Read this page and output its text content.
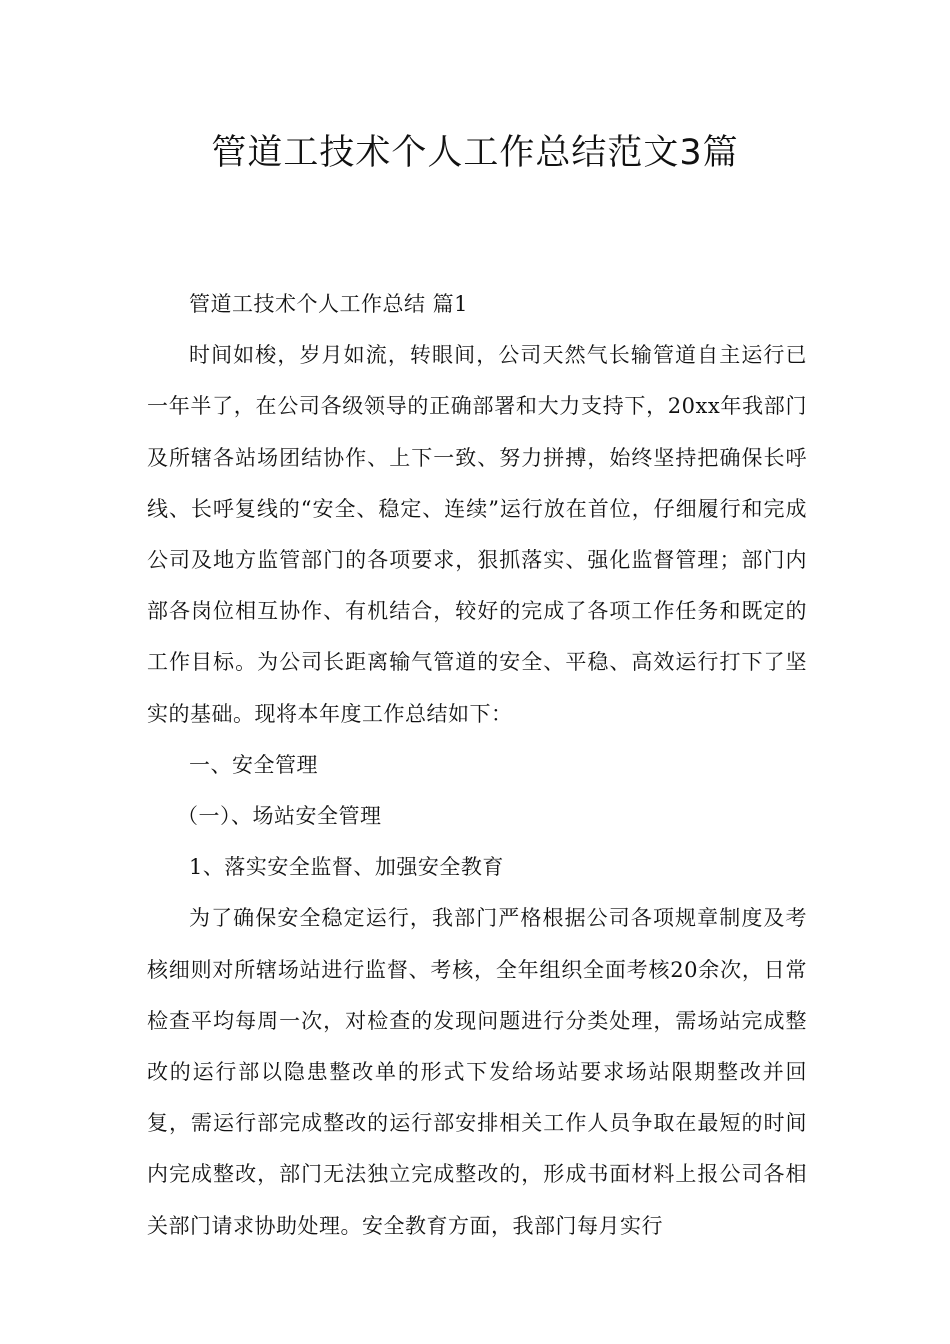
管道工技术个人工作总结范文3篇

管道工技术个人工作总结 篇1

时间如梭，岁月如流，转眼间，公司天然气长输管道自主运行已一年半了，在公司各级领导的正确部署和大力支持下，20xx年我部门及所辖各站场团结协作、上下一致、努力拼搏，始终坚持把确保长呼线、长呼复线的“安全、稳定、连续”运行放在首位，仔细履行和完成公司及地方监管部门的各项要求，狠抓落实、强化监督管理；部门内部各岗位相互协作、有机结合，较好的完成了各项工作任务和既定的工作目标。为公司长距离输气管道的安全、平稳、高效运行打下了坚实的基础。现将本年度工作总结如下：

一、安全管理

（一）、场站安全管理

1、落实安全监督、加强安全教育

为了确保安全稳定运行，我部门严格根据公司各项规章制度及考核细则对所辖场站进行监督、考核，全年组织全面考核20余次，日常检查平均每周一次，对检查的发现问题进行分类处理，需场站完成整改的运行部以隐患整改单的形式下发给场站要求场站限期整改并回复，需运行部完成整改的运行部安排相关工作人员争取在最短的时间内完成整改，部门无法独立完成整改的，形成书面材料上报公司各相关部门请求协助处理。安全教育方面，我部门每月实行
